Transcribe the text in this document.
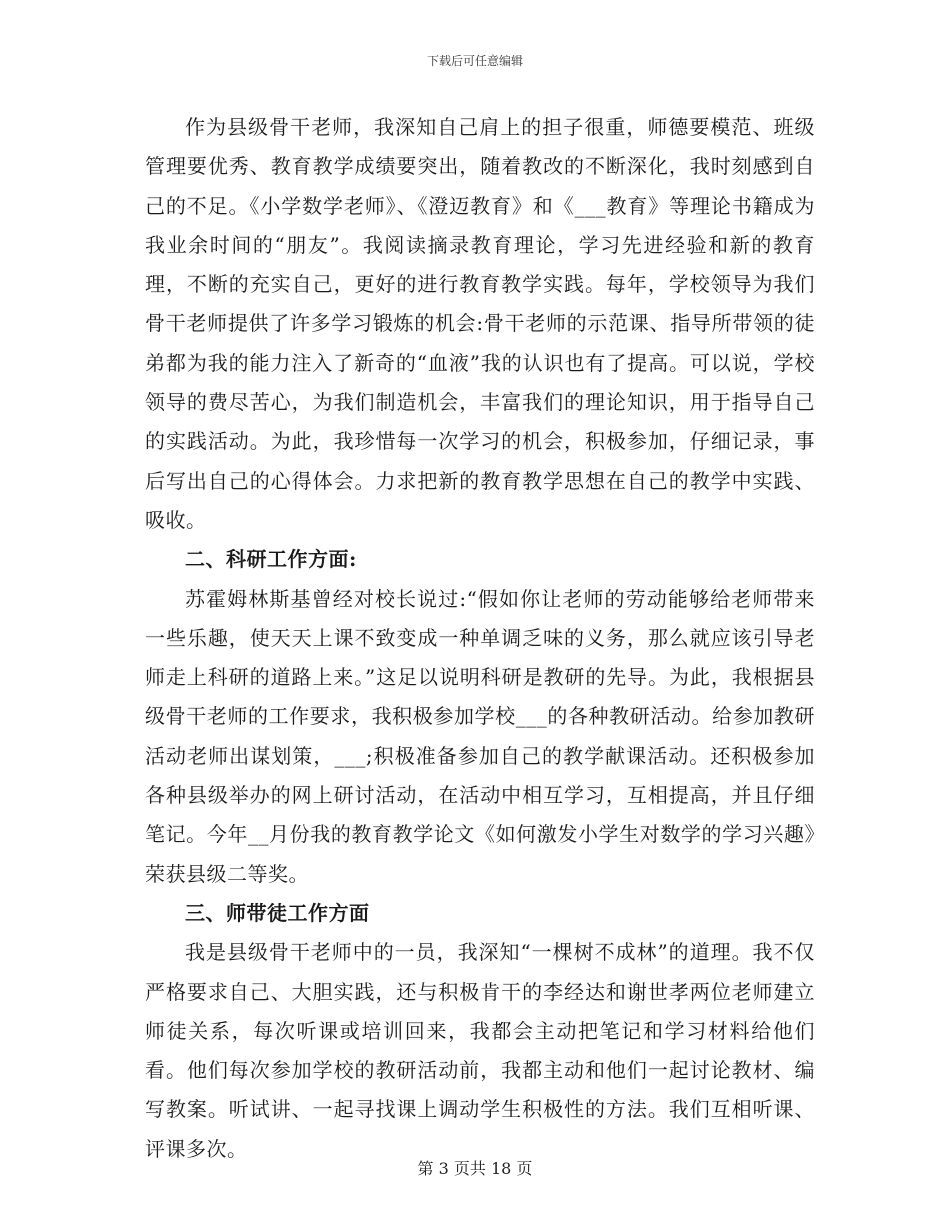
下载后可任意编辑

作为县级骨干老师，我深知自己肩上的担子很重，师德要模范、班级管理要优秀、教育教学成绩要突出，随着教改的不断深化，我时刻感到自己的不足。《小学数学老师》、《澄迈教育》和《___教育》等理论书籍成为我业余时间的“朋友”。我阅读摘录教育理论，学习先进经验和新的教育理，不断的充实自己，更好的进行教育教学实践。每年，学校领导为我们骨干老师提供了许多学习锻炼的机会:骨干老师的示范课、指导所带领的徒弟都为我的能力注入了新奇的“血液”我的认识也有了提高。可以说，学校领导的费尽苦心，为我们制造机会，丰富我们的理论知识，用于指导自己的实践活动。为此，我珍惜每一次学习的机会，积极参加，仔细记录，事后写出自己的心得体会。力求把新的教育教学思想在自己的教学中实践、吸收。

二、科研工作方面:

苏霍姆林斯基曾经对校长说过:“假如你让老师的劳动能够给老师带来一些乐趣，使天天上课不致变成一种单调乏味的义务，那么就应该引导老师走上科研的道路上来。”这足以说明科研是教研的先导。为此，我根据县级骨干老师的工作要求，我积极参加学校___的各种教研活动。给参加教研活动老师出谋划策，___;积极准备参加自己的教学献课活动。还积极参加各种县级举办的网上研讨活动，在活动中相互学习，互相提高，并且仔细笔记。今年__月份我的教育教学论文《如何激发小学生对数学的学习兴趣》荣获县级二等奖。

三、师带徒工作方面

我是县级骨干老师中的一员，我深知“一棵树不成林”的道理。我不仅严格要求自己、大胆实践，还与积极肯干的李经达和谢世孝两位老师建立师徒关系，每次听课或培训回来，我都会主动把笔记和学习材料给他们看。他们每次参加学校的教研活动前，我都主动和他们一起讨论教材、编写教案。听试讲、一起寻找课上调动学生积极性的方法。我们互相听课、评课多次。

第 3 页共 18 页
